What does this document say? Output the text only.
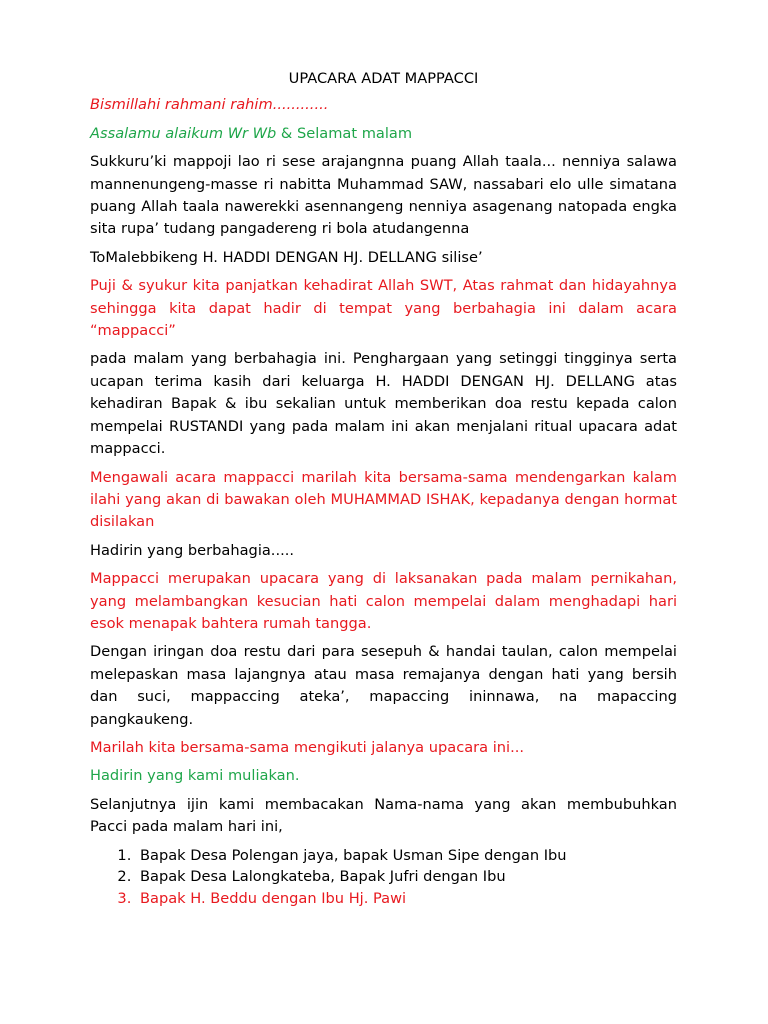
UPACARA ADAT MAPPACCI

Bismillahi rahmani rahim............

Assalamu alaikum Wr Wb & Selamat malam

Sukkuru’ki mappoji lao ri sese arajangnna puang Allah taala... nenniya salawa mannenungeng-masse ri nabitta Muhammad SAW, nassabari elo ulle simatana puang Allah taala nawerekki asennangeng nenniya asagenang natopada engka sita rupa’ tudang pangadereng ri bola atudangenna

ToMalebbikeng H. HADDI DENGAN HJ. DELLANG silise’

Puji & syukur kita panjatkan kehadirat Allah SWT, Atas rahmat dan hidayahnya sehingga kita dapat hadir di tempat yang berbahagia ini dalam acara “mappacci”

pada malam yang berbahagia ini. Penghargaan yang setinggi tingginya serta ucapan terima kasih dari keluarga H. HADDI DENGAN HJ. DELLANG atas kehadiran Bapak & ibu sekalian untuk memberikan doa restu kepada calon mempelai RUSTANDI yang pada malam ini akan menjalani ritual upacara adat mappacci.

Mengawali acara mappacci marilah kita bersama-sama mendengarkan kalam ilahi yang akan di bawakan oleh MUHAMMAD ISHAK, kepadanya dengan hormat disilakan

Hadirin yang berbahagia.....

Mappacci merupakan upacara yang di laksanakan pada malam pernikahan, yang melambangkan kesucian hati calon mempelai dalam menghadapi hari esok menapak bahtera rumah tangga.

Dengan iringan doa restu dari para sesepuh & handai taulan, calon mempelai melepaskan masa lajangnya atau masa remajanya dengan hati yang bersih dan suci, mappaccing ateka’, mapaccing ininnawa, na mapaccing pangkaukeng.

Marilah kita bersama-sama mengikuti jalanya upacara ini...

Hadirin yang kami muliakan.

Selanjutnya ijin kami membacakan Nama-nama yang akan membubuhkan Pacci pada malam hari ini,

1. Bapak Desa Polengan jaya, bapak Usman Sipe dengan Ibu
2. Bapak Desa Lalongkateba, Bapak Jufri dengan Ibu
3. Bapak H. Beddu dengan Ibu Hj. Pawi
